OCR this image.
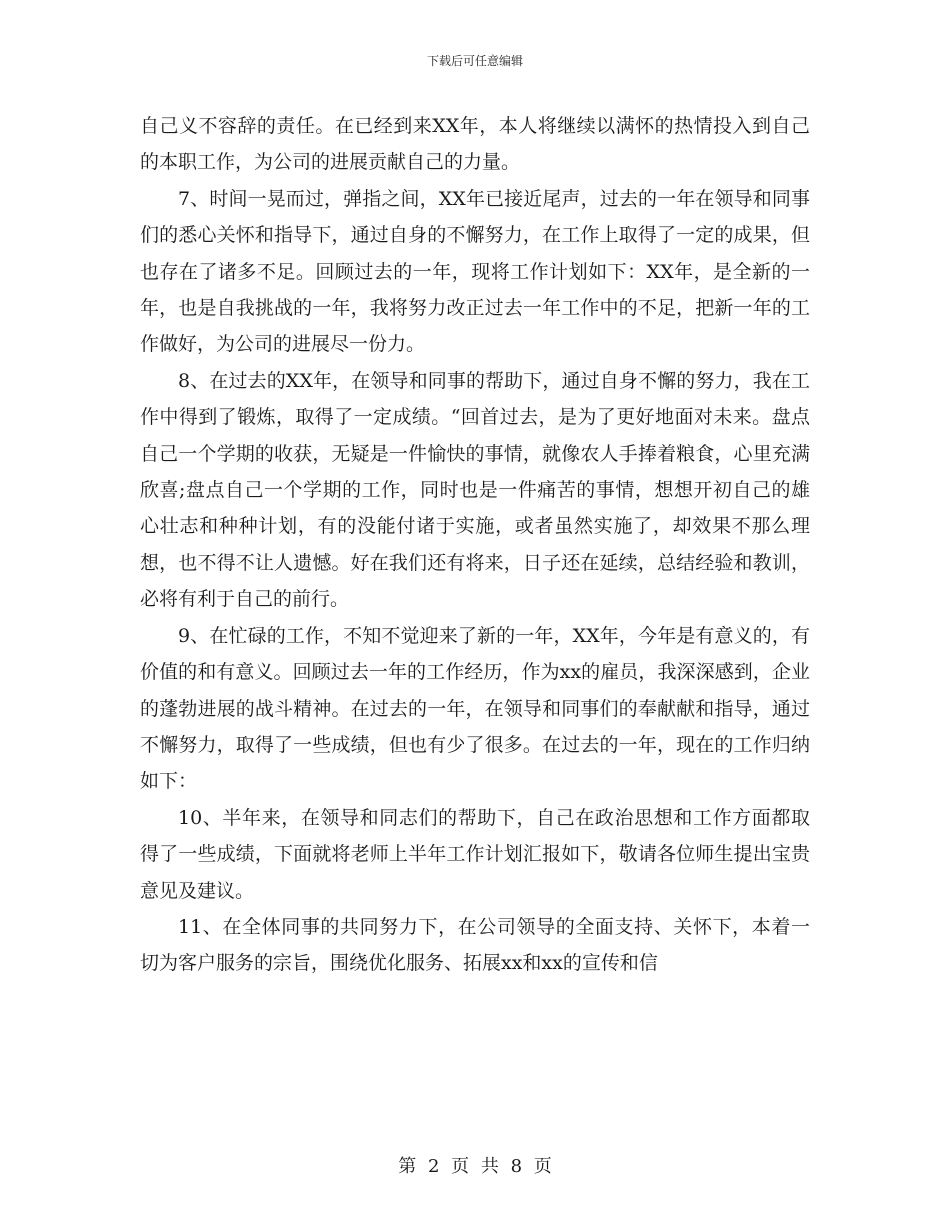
下载后可任意编辑

自己义不容辞的责任。在已经到来XX年，本人将继续以满怀的热情投入到自己的本职工作，为公司的进展贡献自己的力量。

7、时间一晃而过，弹指之间，XX年已接近尾声，过去的一年在领导和同事们的悉心关怀和指导下，通过自身的不懈努力，在工作上取得了一定的成果，但也存在了诸多不足。回顾过去的一年，现将工作计划如下：XX年，是全新的一年，也是自我挑战的一年，我将努力改正过去一年工作中的不足，把新一年的工作做好，为公司的进展尽一份力。

8、在过去的XX年，在领导和同事的帮助下，通过自身不懈的努力，我在工作中得到了锻炼，取得了一定成绩。“回首过去，是为了更好地面对未来。盘点自己一个学期的收获，无疑是一件愉快的事情，就像农人手捧着粮食，心里充满欣喜;盘点自己一个学期的工作，同时也是一件痛苦的事情，想想开初自己的雄心壮志和种种计划，有的没能付诸于实施，或者虽然实施了，却效果不那么理想，也不得不让人遗憾。好在我们还有将来，日子还在延续，总结经验和教训，必将有利于自己的前行。

9、在忙碌的工作，不知不觉迎来了新的一年，XX年，今年是有意义的，有价值的和有意义。回顾过去一年的工作经历，作为xx的雇员，我深深感到，企业的蓬勃进展的战斗精神。在过去的一年，在领导和同事们的奉献献和指导，通过不懈努力，取得了一些成绩，但也有少了很多。在过去的一年，现在的工作归纳如下：

10、半年来，在领导和同志们的帮助下，自己在政治思想和工作方面都取得了一些成绩，下面就将老师上半年工作计划汇报如下，敬请各位师生提出宝贵意见及建议。

11、在全体同事的共同努力下，在公司领导的全面支持、关怀下，本着一切为客户服务的宗旨，围绕优化服务、拓展xx和xx的宣传和信

第 2 页 共 8 页
